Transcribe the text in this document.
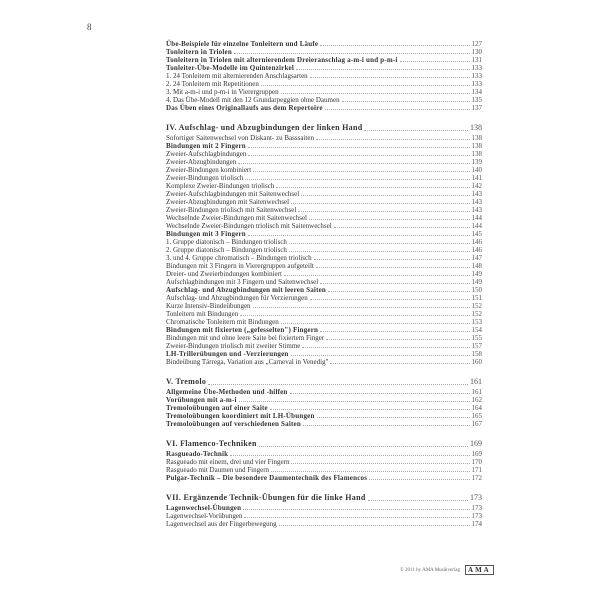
8
Übe-Beispiele für einzelne Tonleitern und Läufe	127
Tonleitern in Triolen	130
Tonleitern in Triolen mit alternierendem Dreieranschlag a-m-i und p-m-i	131
Tonleiter-Übe-Modelle im Quintenzirkel	133
1. 24 Tonleitern mit alternierenden Anschlagsarten	133
2. 24 Tonleitern mit Repetitionen	133
3. Mit a-m-i und p-m-i in Vierergruppen	134
4. Das Übe-Modell mit den 12 Grundarpeggien ohne Daumen	135
Das Üben eines Originallaufs aus dem Repertoire	137
IV. Aufschlag- und Abzugbindungen der linken Hand	138
Sofortiger Saitenwechsel von Diskant- zu Basssaiten	138
Bindungen mit 2 Fingern	138
Zweier-Aufschlagbindungen	138
Zweier-Abzugbindungen	139
Zweier-Bindungen kombiniert	140
Zweier-Bindungen triolisch	141
Komplexe Zweier-Bindungen triolisch	142
Zweier-Aufschlagbindungen mit Saitenwechsel	143
Zweier-Abzugbindungen mit Saitenwechsel	143
Zweier-Bindungen triolisch mit Saitenwechsel	143
Wechselnde Zweier-Bindungen mit Saitenwechsel	144
Wechselnde Zweier-Bindungen triolisch mit Saitenwechsel	144
Bindungen mit 3 Fingern	145
1. Gruppe diatonisch – Bindungen triolisch	146
2. Gruppe diatonisch – Bindungen triolisch	146
3. und 4. Gruppe chromatisch – Bindungen triolisch	147
Bindungen mit 3 Fingern in Vierergruppen aufgeteilt	148
Dreier- und Zweierbindungen kombiniert	149
Aufschlagbindungen mit 3 Fingern und Saitenwechsel	149
Aufschlag- und Abzugbindungen mit leeren Saiten	150
Aufschlag- und Abzugbindungen für Verzierungen	151
Kurze Intensiv-Bindeübungen	152
Tonleitern mit Bindungen	152
Chromatische Tonleitern mit Bindungen	153
Bindungen mit fixierten („gefesselten") Fingern	154
Bindungen mit und ohne leere Saite bei fixiertem Finger	155
Zweier-Bindungen triolisch mit zweiter Stimme	157
LH-Trillerübungen und -Verzierungen	158
Bindeübung Tárrega, Variation aus „Carneval in Venedig"	160
V. Tremolo	161
Allgemeine Übe-Methoden und -hilfen	161
Vorübungen mit a-m-i	162
Tremoloübungen auf einer Saite	164
Tremoloübungen koordiniert mit LH-Übungen	165
Tremoloübungen auf verschiedenen Saiten	167
VI. Flamenco-Techniken	169
Rasgueado-Technik	169
Rasgueado mit einem, drei und vier Fingern	170
Rasgueado mit Daumen und Fingern	171
Pulgar-Technik – Die besondere Daumentechnik des Flamencos	172
VII. Ergänzende Technik-Übungen für die linke Hand	173
Lagenwechsel-Übungen	173
Lagenwechsel-Vorübungen	173
Lagenwechsel aus der Fingerbewegung	174
© 2011 by AMA Musikverlag	AMA
